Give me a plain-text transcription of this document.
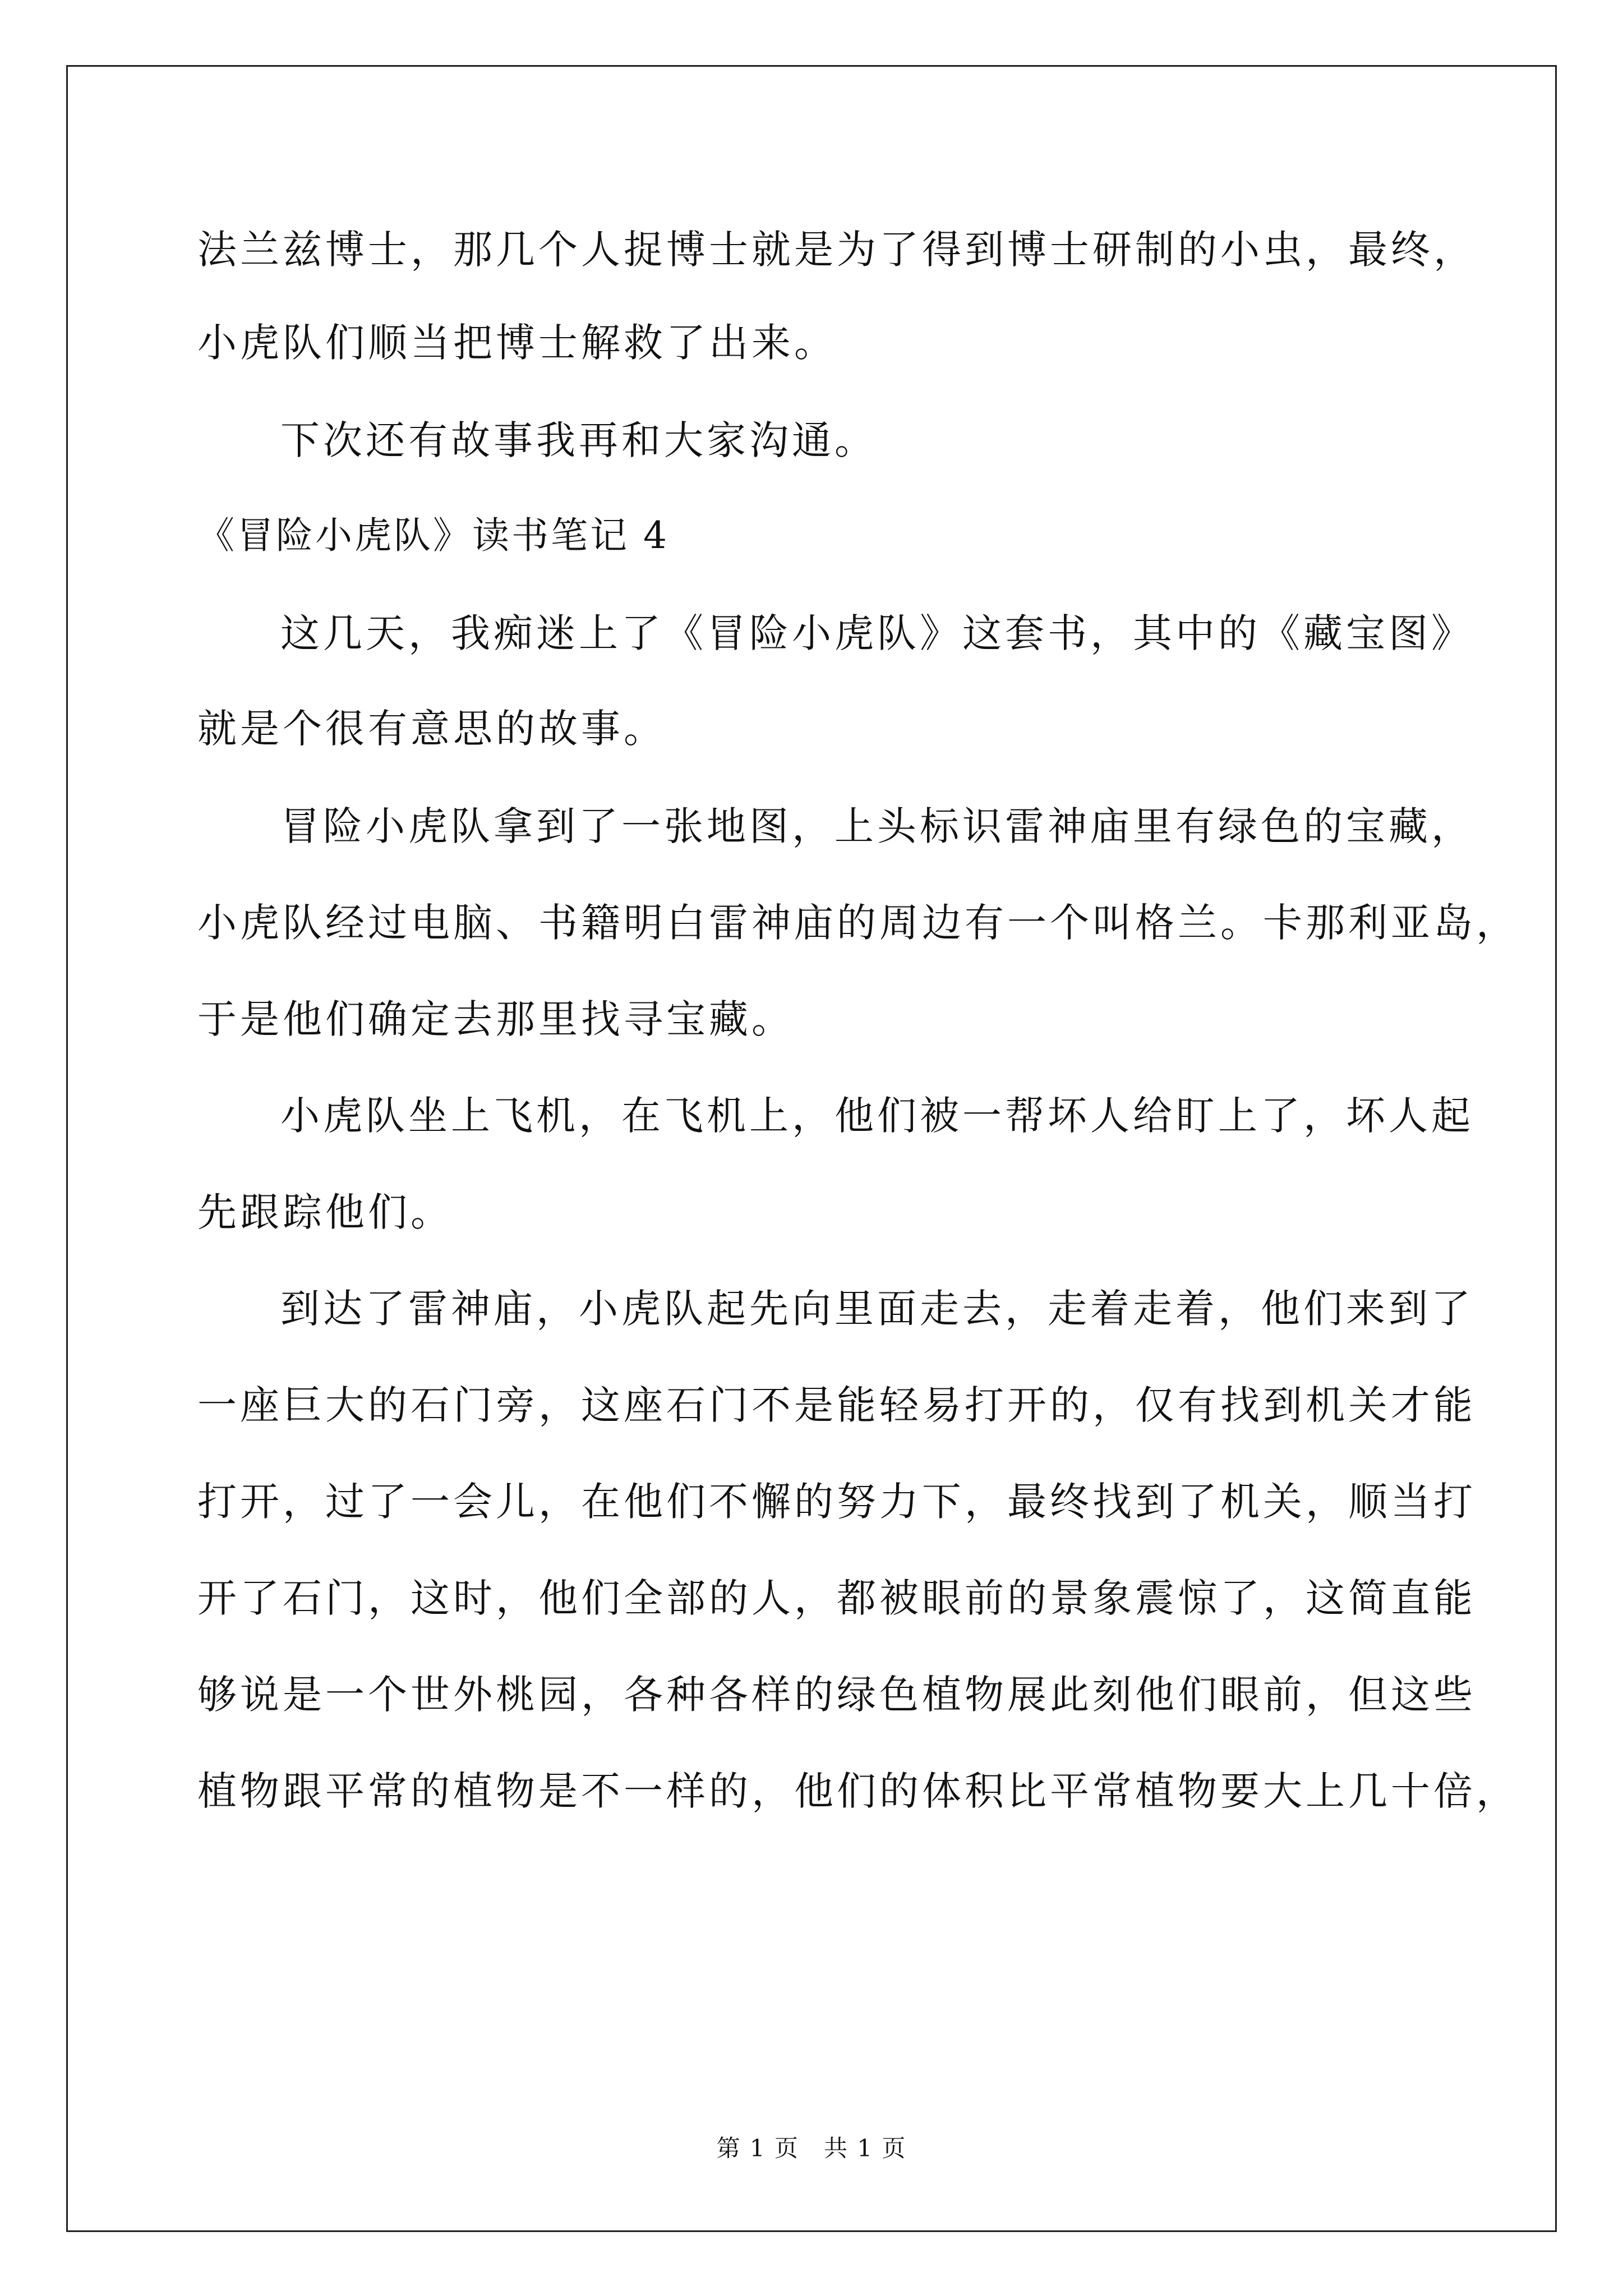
法兰兹博士，那几个人捉博士就是为了得到博士研制的小虫，最终，
小虎队们顺当把博士解救了出来。
下次还有故事我再和大家沟通。
《冒险小虎队》读书笔记 4
这几天，我痴迷上了《冒险小虎队》这套书，其中的《藏宝图》
就是个很有意思的故事。
冒险小虎队拿到了一张地图，上头标识雷神庙里有绿色的宝藏，
小虎队经过电脑、书籍明白雷神庙的周边有一个叫格兰。卡那利亚岛，
于是他们确定去那里找寻宝藏。
小虎队坐上飞机，在飞机上，他们被一帮坏人给盯上了，坏人起
先跟踪他们。
到达了雷神庙，小虎队起先向里面走去，走着走着，他们来到了
一座巨大的石门旁，这座石门不是能轻易打开的，仅有找到机关才能
打开，过了一会儿，在他们不懈的努力下，最终找到了机关，顺当打
开了石门，这时，他们全部的人，都被眼前的景象震惊了，这简直能
够说是一个世外桃园，各种各样的绿色植物展此刻他们眼前，但这些
植物跟平常的植物是不一样的，他们的体积比平常植物要大上几十倍，
第 1 页　共 1 页
